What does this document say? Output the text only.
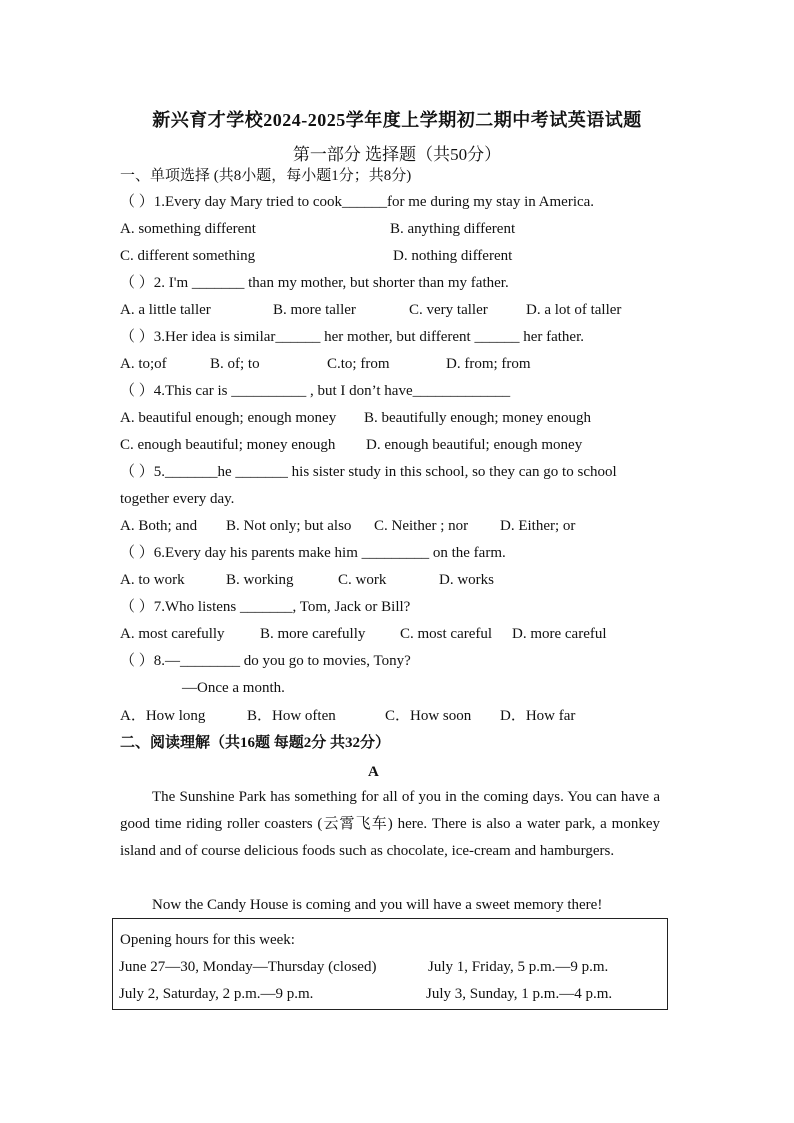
新兴育才学校2024-2025学年度上学期初二期中考试英语试题
第一部分 选择题（共50分）
一、单项选择 (共8小题，每小题1分；共8分)
（ ）1.Every day Mary tried to cook______for me during my stay in America.
A. something different	B. anything different
C. different something	D. nothing different
（ ）2. I'm _______ than my mother, but shorter than my father.
A. a little taller	B. more taller	C. very taller	D. a lot of taller
（ ）3.Her idea is similar______ her mother, but different ______ her father.
A. to;of	B. of; to	C.to; from	D. from; from
（ ）4.This car is __________ , but I don’t have_____________
A. beautiful enough; enough money B. beautifully enough; money enough
C. enough beautiful; money enough D. enough beautiful; enough money
（ ）5._______he _______ his sister study in this school, so they can go to school
together every day.
A. Both; and B. Not only; but also C. Neither ; nor D. Either; or
（ ）6.Every day his parents make him _________ on the farm.
A. to work	B. working	C. work	D. works
（ ）7.Who listens _______, Tom, Jack or Bill?
A. most carefully B. more carefully C. most careful D. more careful
（ ）8.—________ do you go to movies, Tony?
—Once a month.
A．How long	B．How often	C．How soon D．How far
二、阅读理解（共16题 每题2分 共32分）
A
The Sunshine Park has something for all of you in the coming days. You can have a good time riding roller coasters (云霄飞车) here. There is also a water park, a monkey island and of course delicious foods such as chocolate, ice-cream and hamburgers.
Now the Candy House is coming and you will have a sweet memory there!
Opening hours for this week:
June 27—30, Monday—Thursday (closed)	July 1, Friday, 5 p.m.—9 p.m.
July 2, Saturday, 2 p.m.—9 p.m.	July 3, Sunday, 1 p.m.—4 p.m.
